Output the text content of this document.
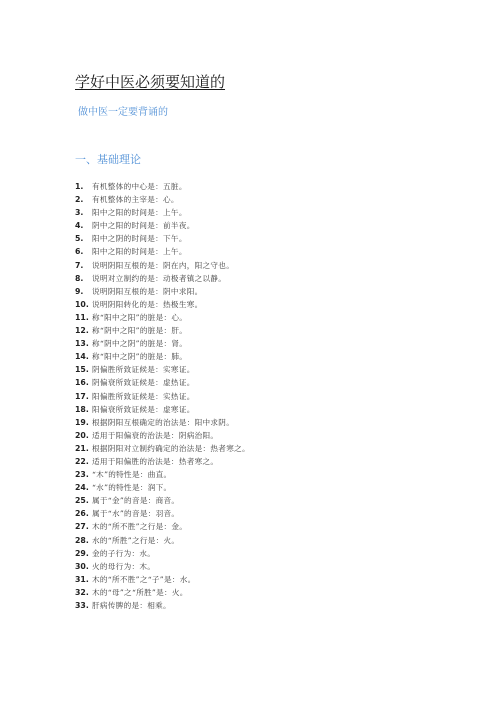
学好中医必须要知道的
做中医一定要背诵的
一、基础理论
1.	有机整体的中心是：五脏。
2.	有机整体的主宰是：心。
3.	阳中之阳的时间是：上午。
4.	阴中之阳的时间是：前半夜。
5.	阳中之阴的时间是：下午。
6.	阳中之阳的时间是：上午。
7.	说明阴阳互根的是：阴在内，阳之守也。
8.	说明对立制约的是：动极者镇之以静。
9.	说明阴阳互根的是：阴中求阳。
10. 说明阴阳转化的是：热极生寒。
11. 称“阳中之阳”的脏是：心。
12. 称“阴中之阳”的脏是：肝。
13. 称“阴中之阴”的脏是：肾。
14. 称“阳中之阴”的脏是：肺。
15. 阴偏胜所致证候是：实寒证。
16. 阴偏衰所致证候是：虚热证。
17. 阳偏胜所致证候是：实热证。
18. 阳偏衰所致证候是：虚寒证。
19. 根据阴阳互根确定的治法是：阳中求阴。
20. 适用于阳偏衰的治法是：阴病治阳。
21. 根据阴阳对立制约确定的治法是：热者寒之。
22. 适用于阳偏胜的治法是：热者寒之。
23. “木”的特性是：曲直。
24. “水”的特性是：润下。
25. 属于“金”的音是：商音。
26. 属于“水”的音是：羽音。
27. 木的“所不胜”之行是：金。
28. 水的“所胜”之行是：火。
29. 金的子行为：水。
30. 火的母行为：木。
31. 木的“所不胜”之“子”是：水。
32. 木的“母”之“所胜”是：火。
33. 肝病传脾的是：相乘。
